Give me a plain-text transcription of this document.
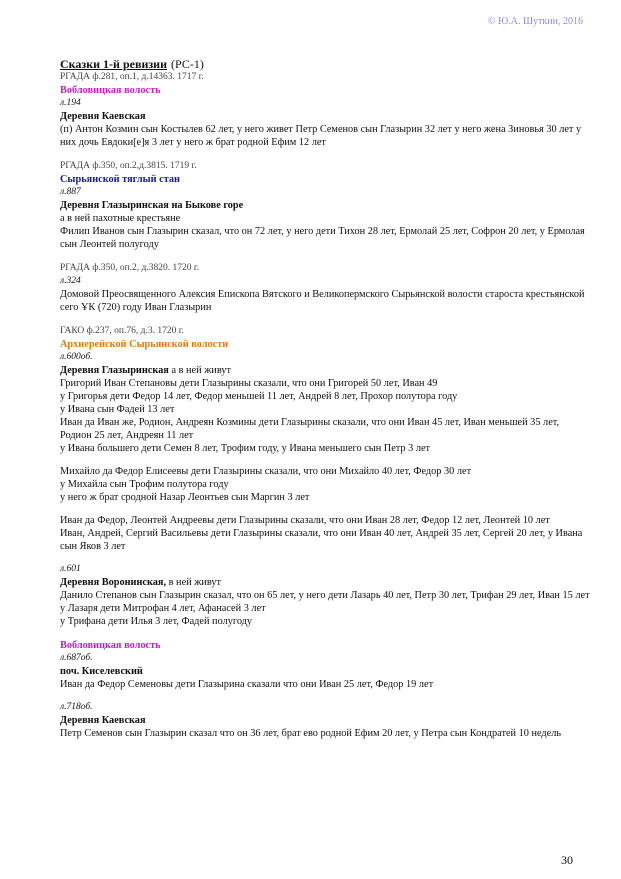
© Ю.А. Шуткин, 2016
Сказки 1-й ревизии (РС-1)
РГАДА ф.281, оп.1, д.14363. 1717 г.
Вобловицкая волость
л.194
Деревня Каевская
(п) Антон Козмин сын Костылев 62 лет, у него живет Петр Семенов сын Глазырин 32 лет у него жена Зиновья 30 лет у них дочь Евдоки[е]я 3 лет у него ж брат родной Ефим 12 лет
РГАДА ф.350, оп.2,д.3815. 1719 г.
Сырьянской тяглый стан
л.887
Деревня Глазыринская на Быкове горе
а в ней пахотные крестьяне
Филип Иванов сын Глазырин сказал, что он 72 лет, у него дети Тихон 28 лет, Ермолай 25 лет, Софрон 20 лет, у Ермолая сын Леонтей полугоду
РГАДА ф.350, оп.2, д.3820. 1720 г.
л.324
Домовой Преосвященного Алексия Епископа Вятского и Великопермского Сырьянской волости староста крестьянской сего ҰК (720) году Иван Глазырин
ГАКО ф.237, оп.76, д.3. 1720 г.
Архиерейской Сырьянской волости
л.600об.
Деревня Глазыринская а в ней живут
Григорий Иван Степановы дети Глазырины сказали, что они Григорей 50 лет, Иван 49
у Григорья дети Федор 14 лет, Федор меньшей 11 лет, Андрей 8 лет, Прохор полутора году
у Ивана сын Фадей 13 лет
Иван да Иван же, Родион, Андреян Козмины дети Глазырины сказали, что они Иван 45 лет, Иван меньшей 35 лет, Родион 25 лет, Андреян 11 лет
у Ивана большего дети Семен 8 лет, Трофим году, у Ивана меньшего сын Петр 3 лет
Михайло да Федор Елисеевы дети Глазырины сказали, что они Михайло 40 лет, Федор 30 лет
у Михайла сын Трофим полутора году
у него ж брат сродной Назар Леонтьев сын Маргин 3 лет
Иван да Федор, Леонтей Андреевы дети Глазырины сказали, что они Иван 28 лет, Федор 12 лет, Леонтей 10 лет
Иван, Андрей, Сергий Васильевы дети Глазырины сказали, что они Иван 40 лет, Андрей 35 лет, Сергей 20 лет, у Ивана сын Яков 3 лет
л.601
Деревня Воронинская, в ней живут
Данило Степанов сын Глазырин сказал, что он 65 лет, у него дети Лазарь 40 лет, Петр 30 лет, Трифан 29 лет, Иван 15 лет
у Лазаря дети Митрофан 4 лет, Афанасей 3 лет
у Трифана дети Илья 3 лет, Фадей полугоду
Вобловицкая волость
л.687об.
поч. Киселевский
Иван да Федор Семеновы дети Глазырина сказали что они Иван 25 лет, Федор 19 лет
л.718об.
Деревня Каевская
Петр Семенов сын Глазырин сказал что он 36 лет, брат ево родной Ефим 20 лет, у Петра сын Кондратей 10 недель
30
